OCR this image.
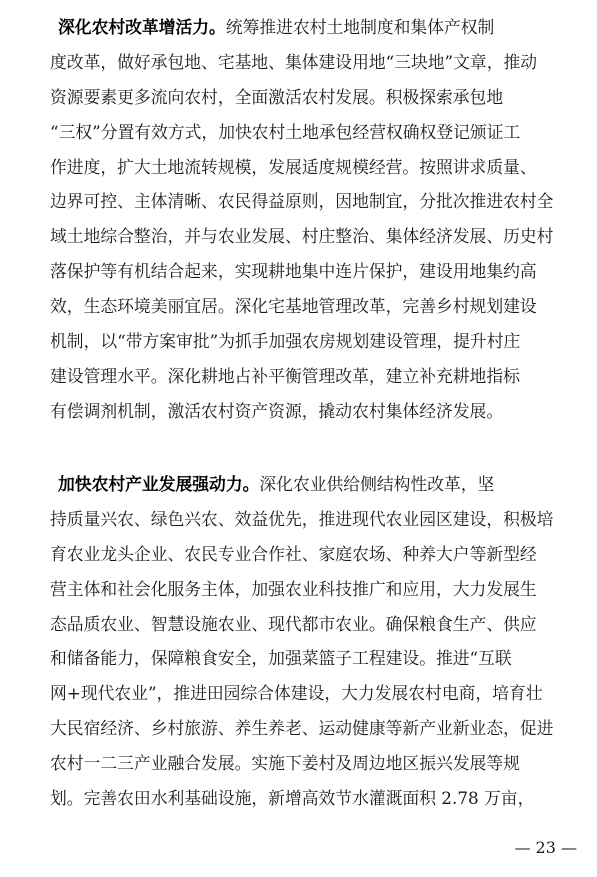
深化农村改革增活力。统筹推进农村土地制度和集体产权制
度改革，做好承包地、宅基地、集体建设用地“三块地”文章，推动
资源要素更多流向农村，全面激活农村发展。积极探索承包地
“三权”分置有效方式，加快农村土地承包经营权确权登记颁证工
作进度，扩大土地流转规模，发展适度规模经营。按照讲求质量、
边界可控、主体清晰、农民得益原则，因地制宜，分批次推进农村全
域土地综合整治，并与农业发展、村庄整治、集体经济发展、历史村
落保护等有机结合起来，实现耕地集中连片保护，建设用地集约高
效，生态环境美丽宜居。深化宅基地管理改革，完善乡村规划建设
机制，以“带方案审批”为抓手加强农房规划建设管理，提升村庄
建设管理水平。深化耕地占补平衡管理改革，建立补充耕地指标
有偿调剂机制，激活农村资产资源，撬动农村集体经济发展。
加快农村产业发展强动力。深化农业供给侧结构性改革，坚
持质量兴农、绿色兴农、效益优先，推进现代农业园区建设，积极培
育农业龙头企业、农民专业合作社、家庭农场、种养大户等新型经
营主体和社会化服务主体，加强农业科技推广和应用，大力发展生
态品质农业、智慧设施农业、现代都市农业。确保粮食生产、供应
和储备能力，保障粮食安全，加强菜篮子工程建设。推进“互联
网+现代农业”，推进田园综合体建设，大力发展农村电商，培育壮
大民宿经济、乡村旅游、养生养老、运动健康等新产业新业态，促进
农村一二三产业融合发展。实施下姜村及周边地区振兴发展等规
划。完善农田水利基础设施，新增高效节水灌溉面积 2.78 万亩，
— 23 —
